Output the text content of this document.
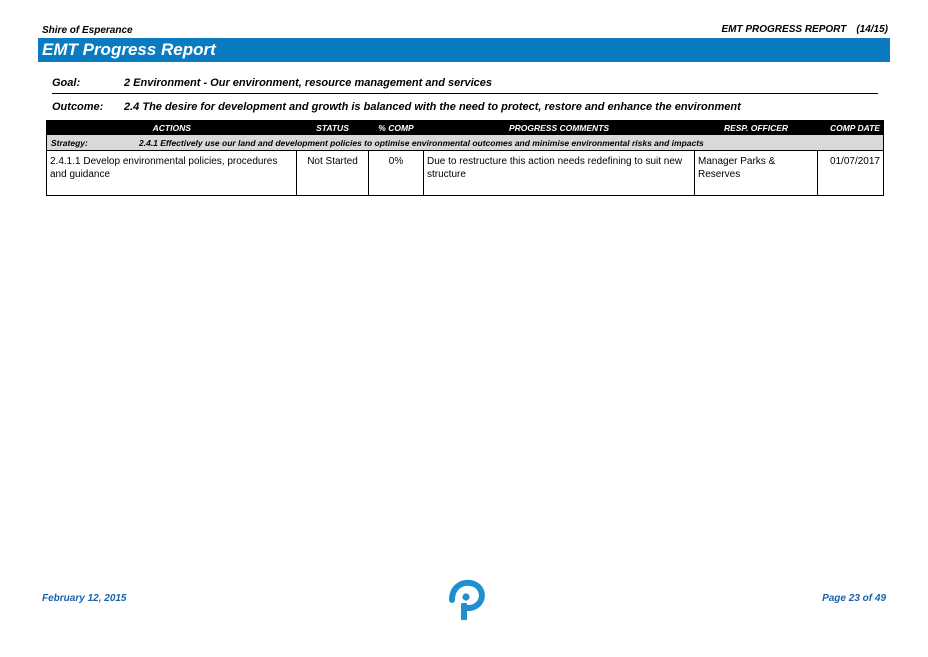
Shire of Esperance	EMT PROGRESS REPORT (14/15)
EMT Progress Report
Goal:	2 Environment - Our environment, resource management and services
Outcome: 2.4 The desire for development and growth is balanced with the need to protect, restore and enhance the environment
ACTIONS	STATUS	% COMP	PROGRESS COMMENTS	RESP. OFFICER	COMP DATE
Strategy: 2.4.1 Effectively use our land and development policies to optimise environmental outcomes and minimise environmental risks and impacts					
2.4.1.1 Develop environmental policies, procedures and guidance	Not Started	0%	Due to restructure this action needs redefining to suit new structure	Manager Parks & Reserves	01/07/2017
February 12, 2015	Page 23 of 49
